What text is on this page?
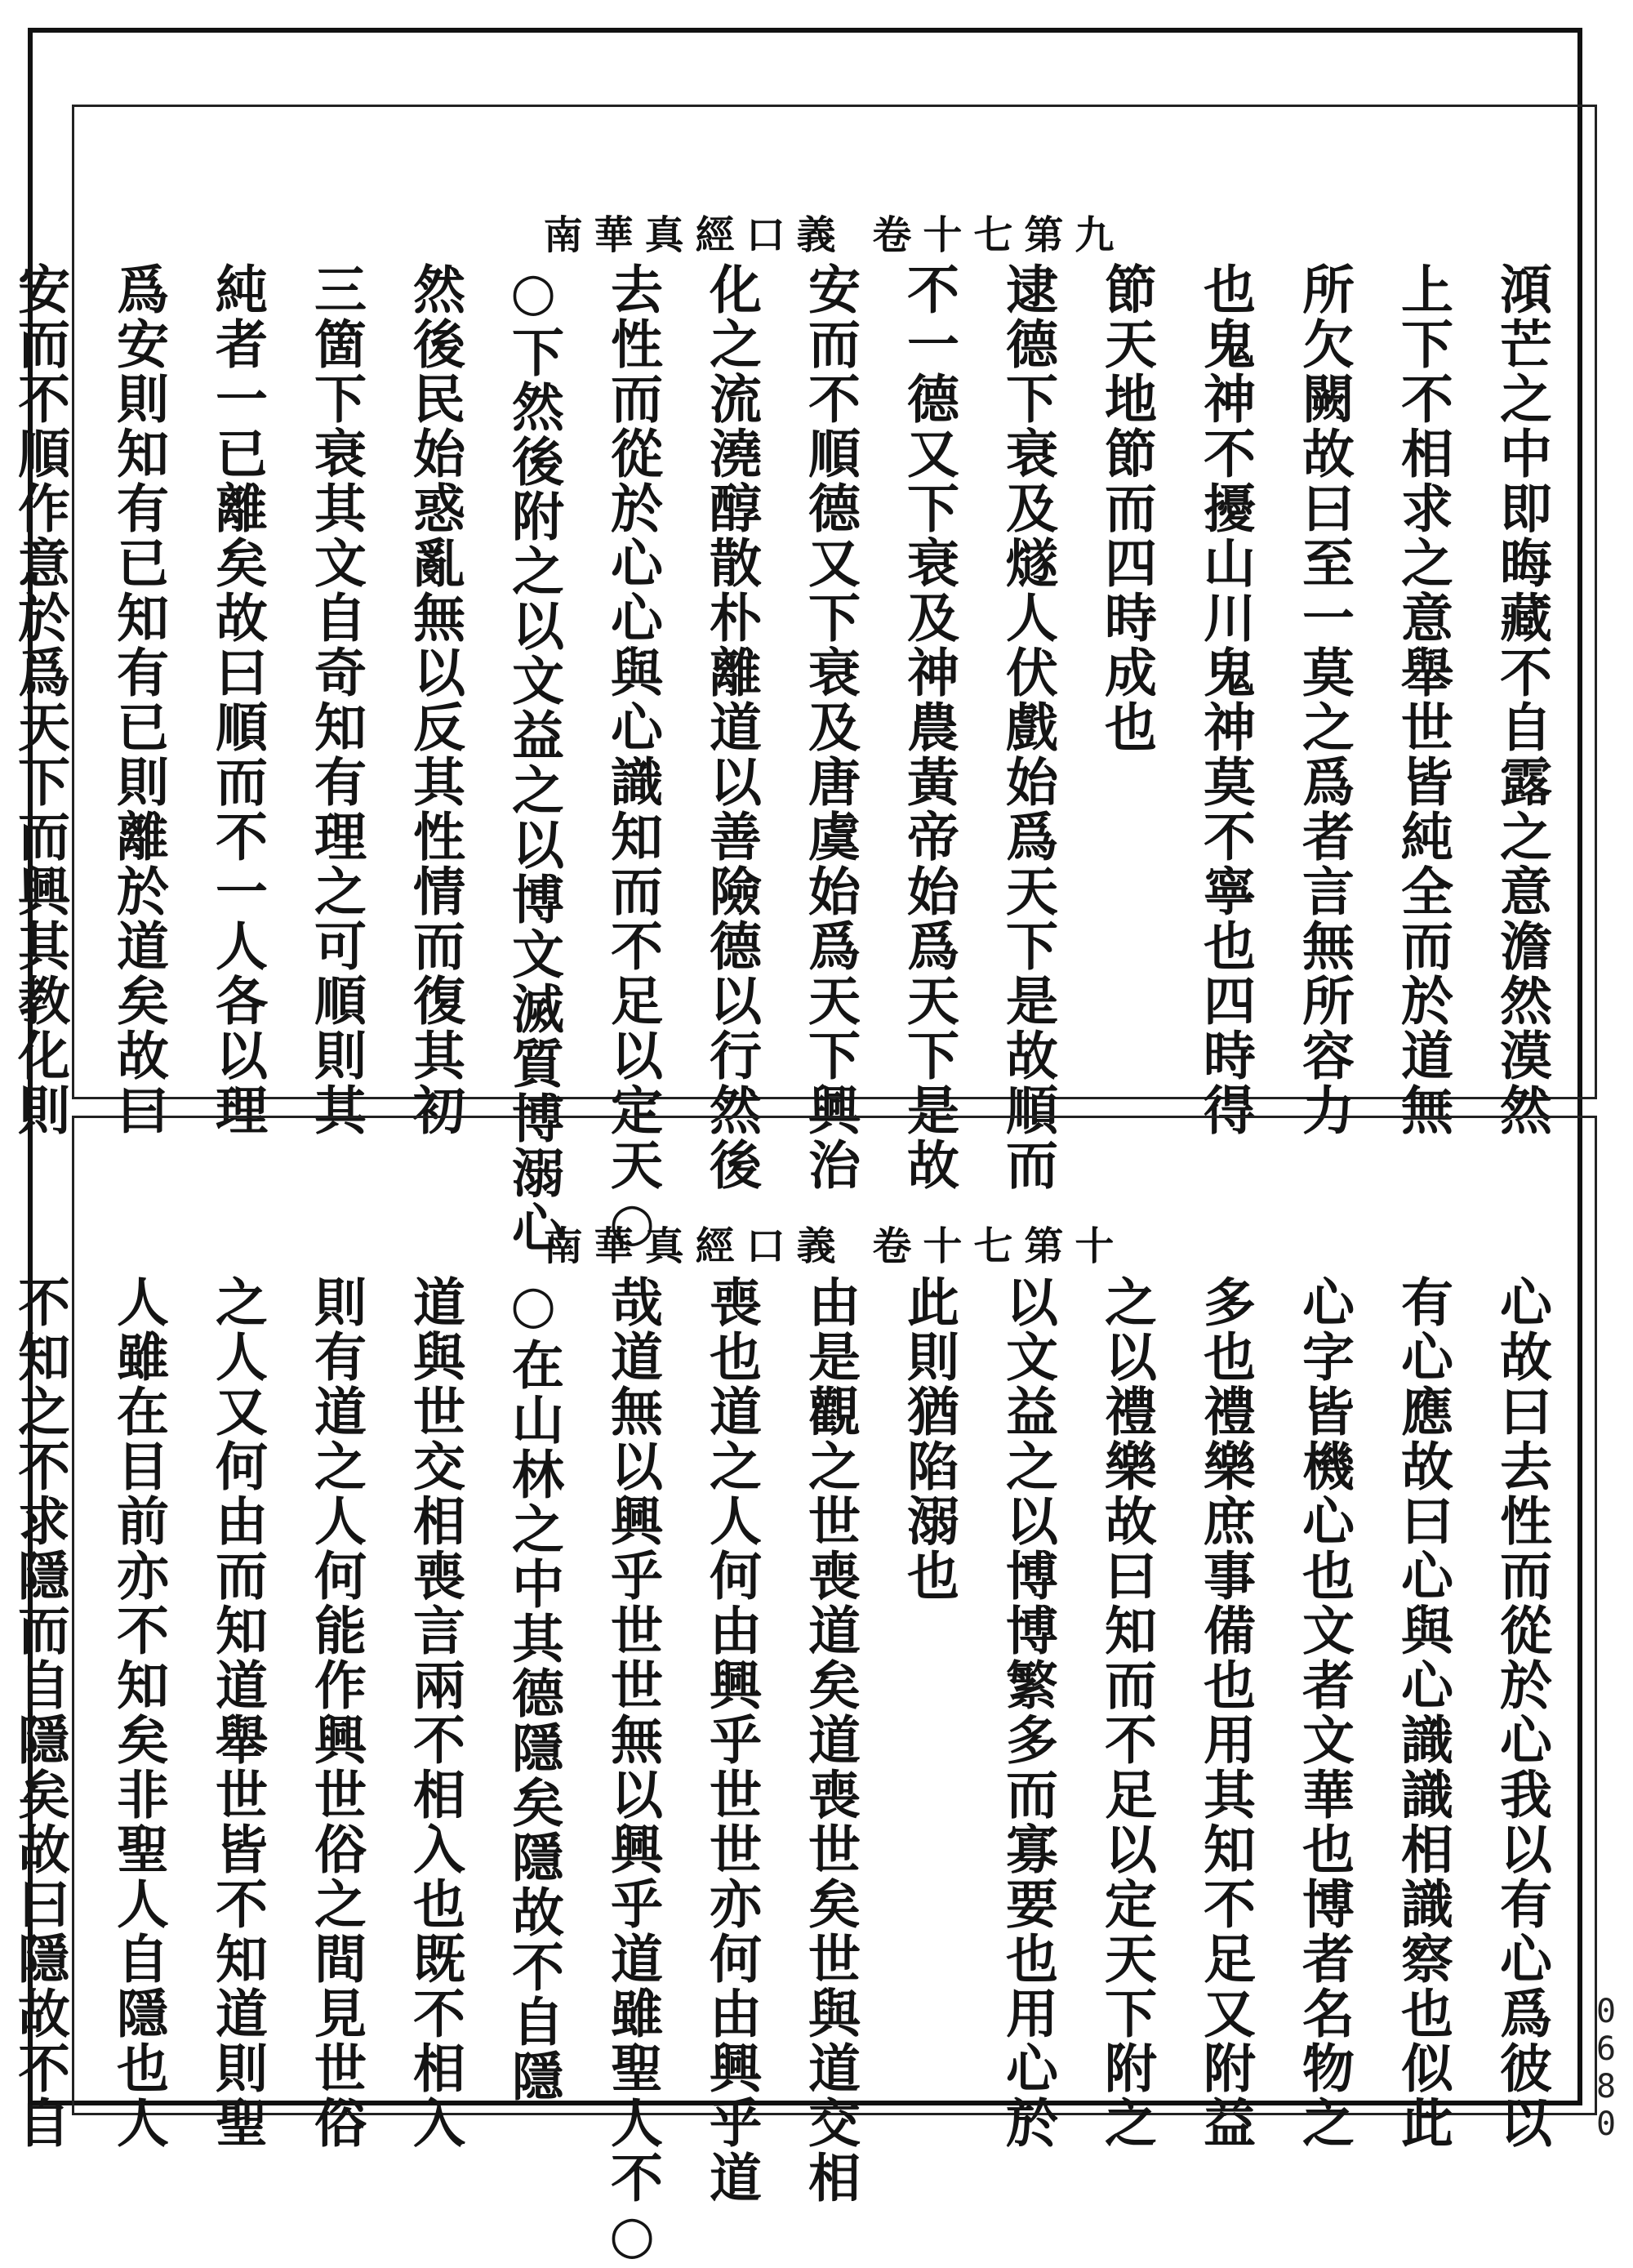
南華真經口義 卷十七第九
澒芒之中即晦藏不自露之意澹然漠然
上下不相求之意舉世皆純全而於道無
所欠闕故曰至一莫之爲者言無所容力
也鬼神不擾山川鬼神莫不寧也四時得
節天地節而四時成也
逮德下衰及燧人伏戲始爲天下是故順而
不一德又下衰及神農黃帝始爲天下是故
安而不順德又下衰及唐虞始爲天下興治
化之流澆醇散朴離道以善險德以行然後
去性而從於心心與心識知而不足以定天○
○下然後附之以文益之以博文滅質博溺心
然後民始惑亂無以反其性情而復其初
三箇下衰其文自奇知有理之可順則其
純者一已離矣故曰順而不一人各以理
爲安則知有已知有已則離於道矣故曰
安而不順作意於爲天下而興其教化則
南華真經口義 卷十七第十
心故曰去性而從於心我以有心爲彼以
有心應故曰心與心識識相識察也似此
心字皆機心也文者文華也博者名物之
多也禮樂庶事備也用其知不足又附益
之以禮樂故曰知而不足以定天下附之
以文益之以博博繁多而寡要也用心於
此則猶陷溺也
由是觀之世喪道矣道喪世矣世與道交相
喪也道之人何由興乎世世亦何由興乎道
哉道無以興乎世世無以興乎道雖聖人不○
○在山林之中其德隱矣隱故不自隱
道與世交相喪言兩不相入也既不相入
則有道之人何能作興世俗之間見世俗
之人又何由而知道舉世皆不知道則聖
人雖在目前亦不知矣非聖人自隱也人
不知之不求隱而自隱矣故曰隱故不自	0680
